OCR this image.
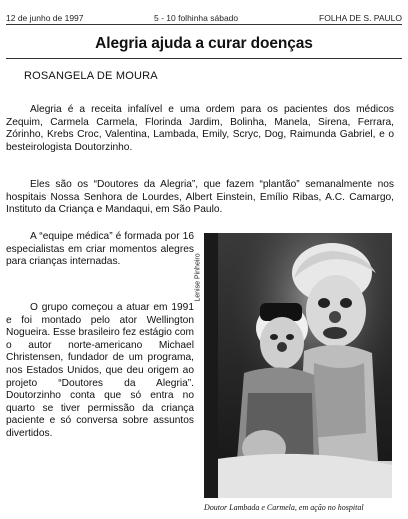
12 de junho de 1997	5 - 10 folhinha sábado	FOLHA DE S. PAULO
Alegria ajuda a curar doenças
ROSANGELA DE MOURA

Alegria é a receita infalível e uma ordem para os pacientes dos médicos Zequim, Carmela Carmela, Florinda Jardim, Bolinha, Manela, Sirena, Ferrara, Zórinho, Krebs Croc, Valentina, Lambada, Emily, Scryc, Dog, Raimunda Gabriel, e o besteirologista Doutorzinho.

Eles são os “Doutores da Alegria”, que fazem “plantão” semanalmente nos hospitais Nossa Senhora de Lourdes, Albert Einstein, Emílio Ribas, A.C. Camargo, Instituto da Criança e Mandaqui, em São Paulo.

A “equipe médica” é formada por 16 especialistas em criar momentos alegres para crianças internadas.

O grupo começou a atuar em 1991 e foi montado pelo ator Wellington Nogueira. Esse brasileiro fez estágio com o autor norte-americano Michael Christensen, fundador de um programa, nos Estados Unidos, que deu origem ao projeto “Doutores da Alegria”. Doutorzinho conta que só entra no quarto se tiver permissão da criança paciente e só conversa sobre assuntos divertidos.

Lenise Pinheiro
Doutor Lambada e Carmela, em ação no hospital
